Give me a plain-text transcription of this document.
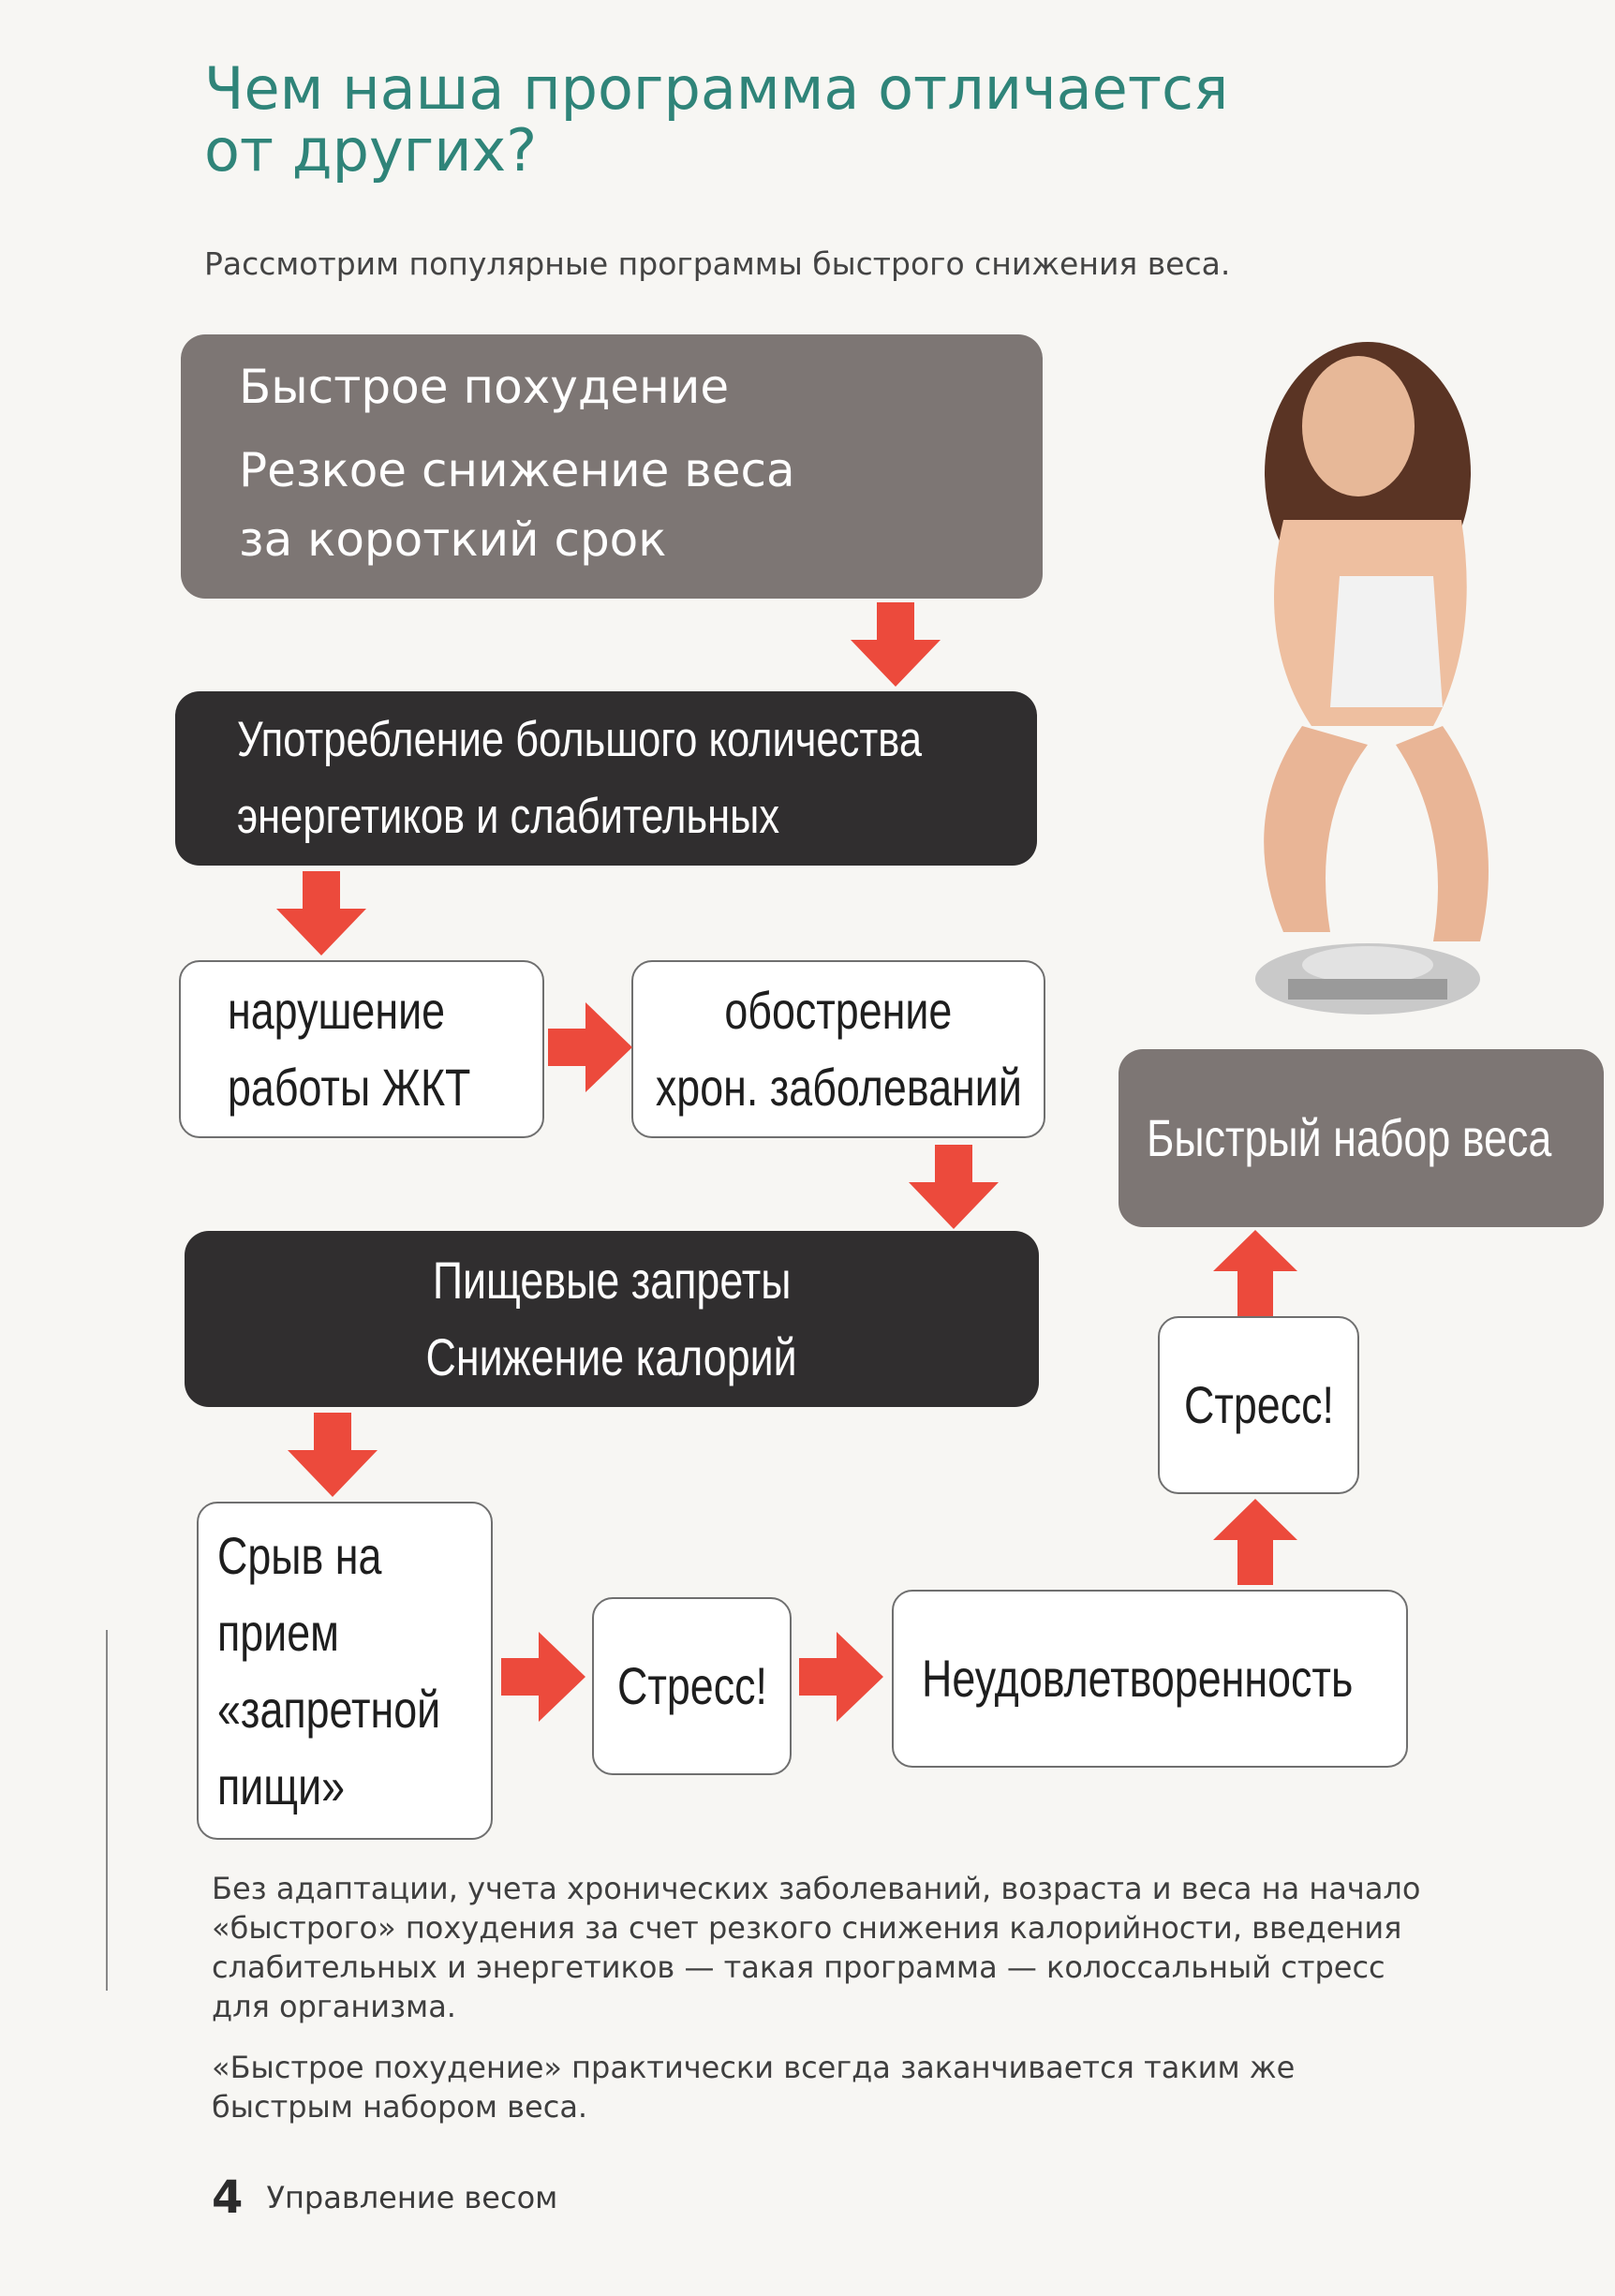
Чем наша программа отличается
от других?
Рассмотрим популярные программы быстрого снижения веса.
Быстрое похудение
Резкое снижение веса
за короткий срок
Употребление большого количества
энергетиков и слабительных
нарушение
работы ЖКТ
обострение
хрон. заболеваний
Пищевые запреты
Снижение калорий
Срыв на
прием
«запретной
пищи»
Стресс!	Неудовлетворенность
Стресс!
Быстрый набор веса
Без адаптации, учета хронических заболеваний, возраста и веса на начало «быстрого» похудения за счет резкого снижения калорийности, введения слабительных и энергетиков — такая программа — колоссальный стресс для организма.
«Быстрое похудение» практически всегда заканчивается таким же быстрым набором веса.
4 Управление весом
